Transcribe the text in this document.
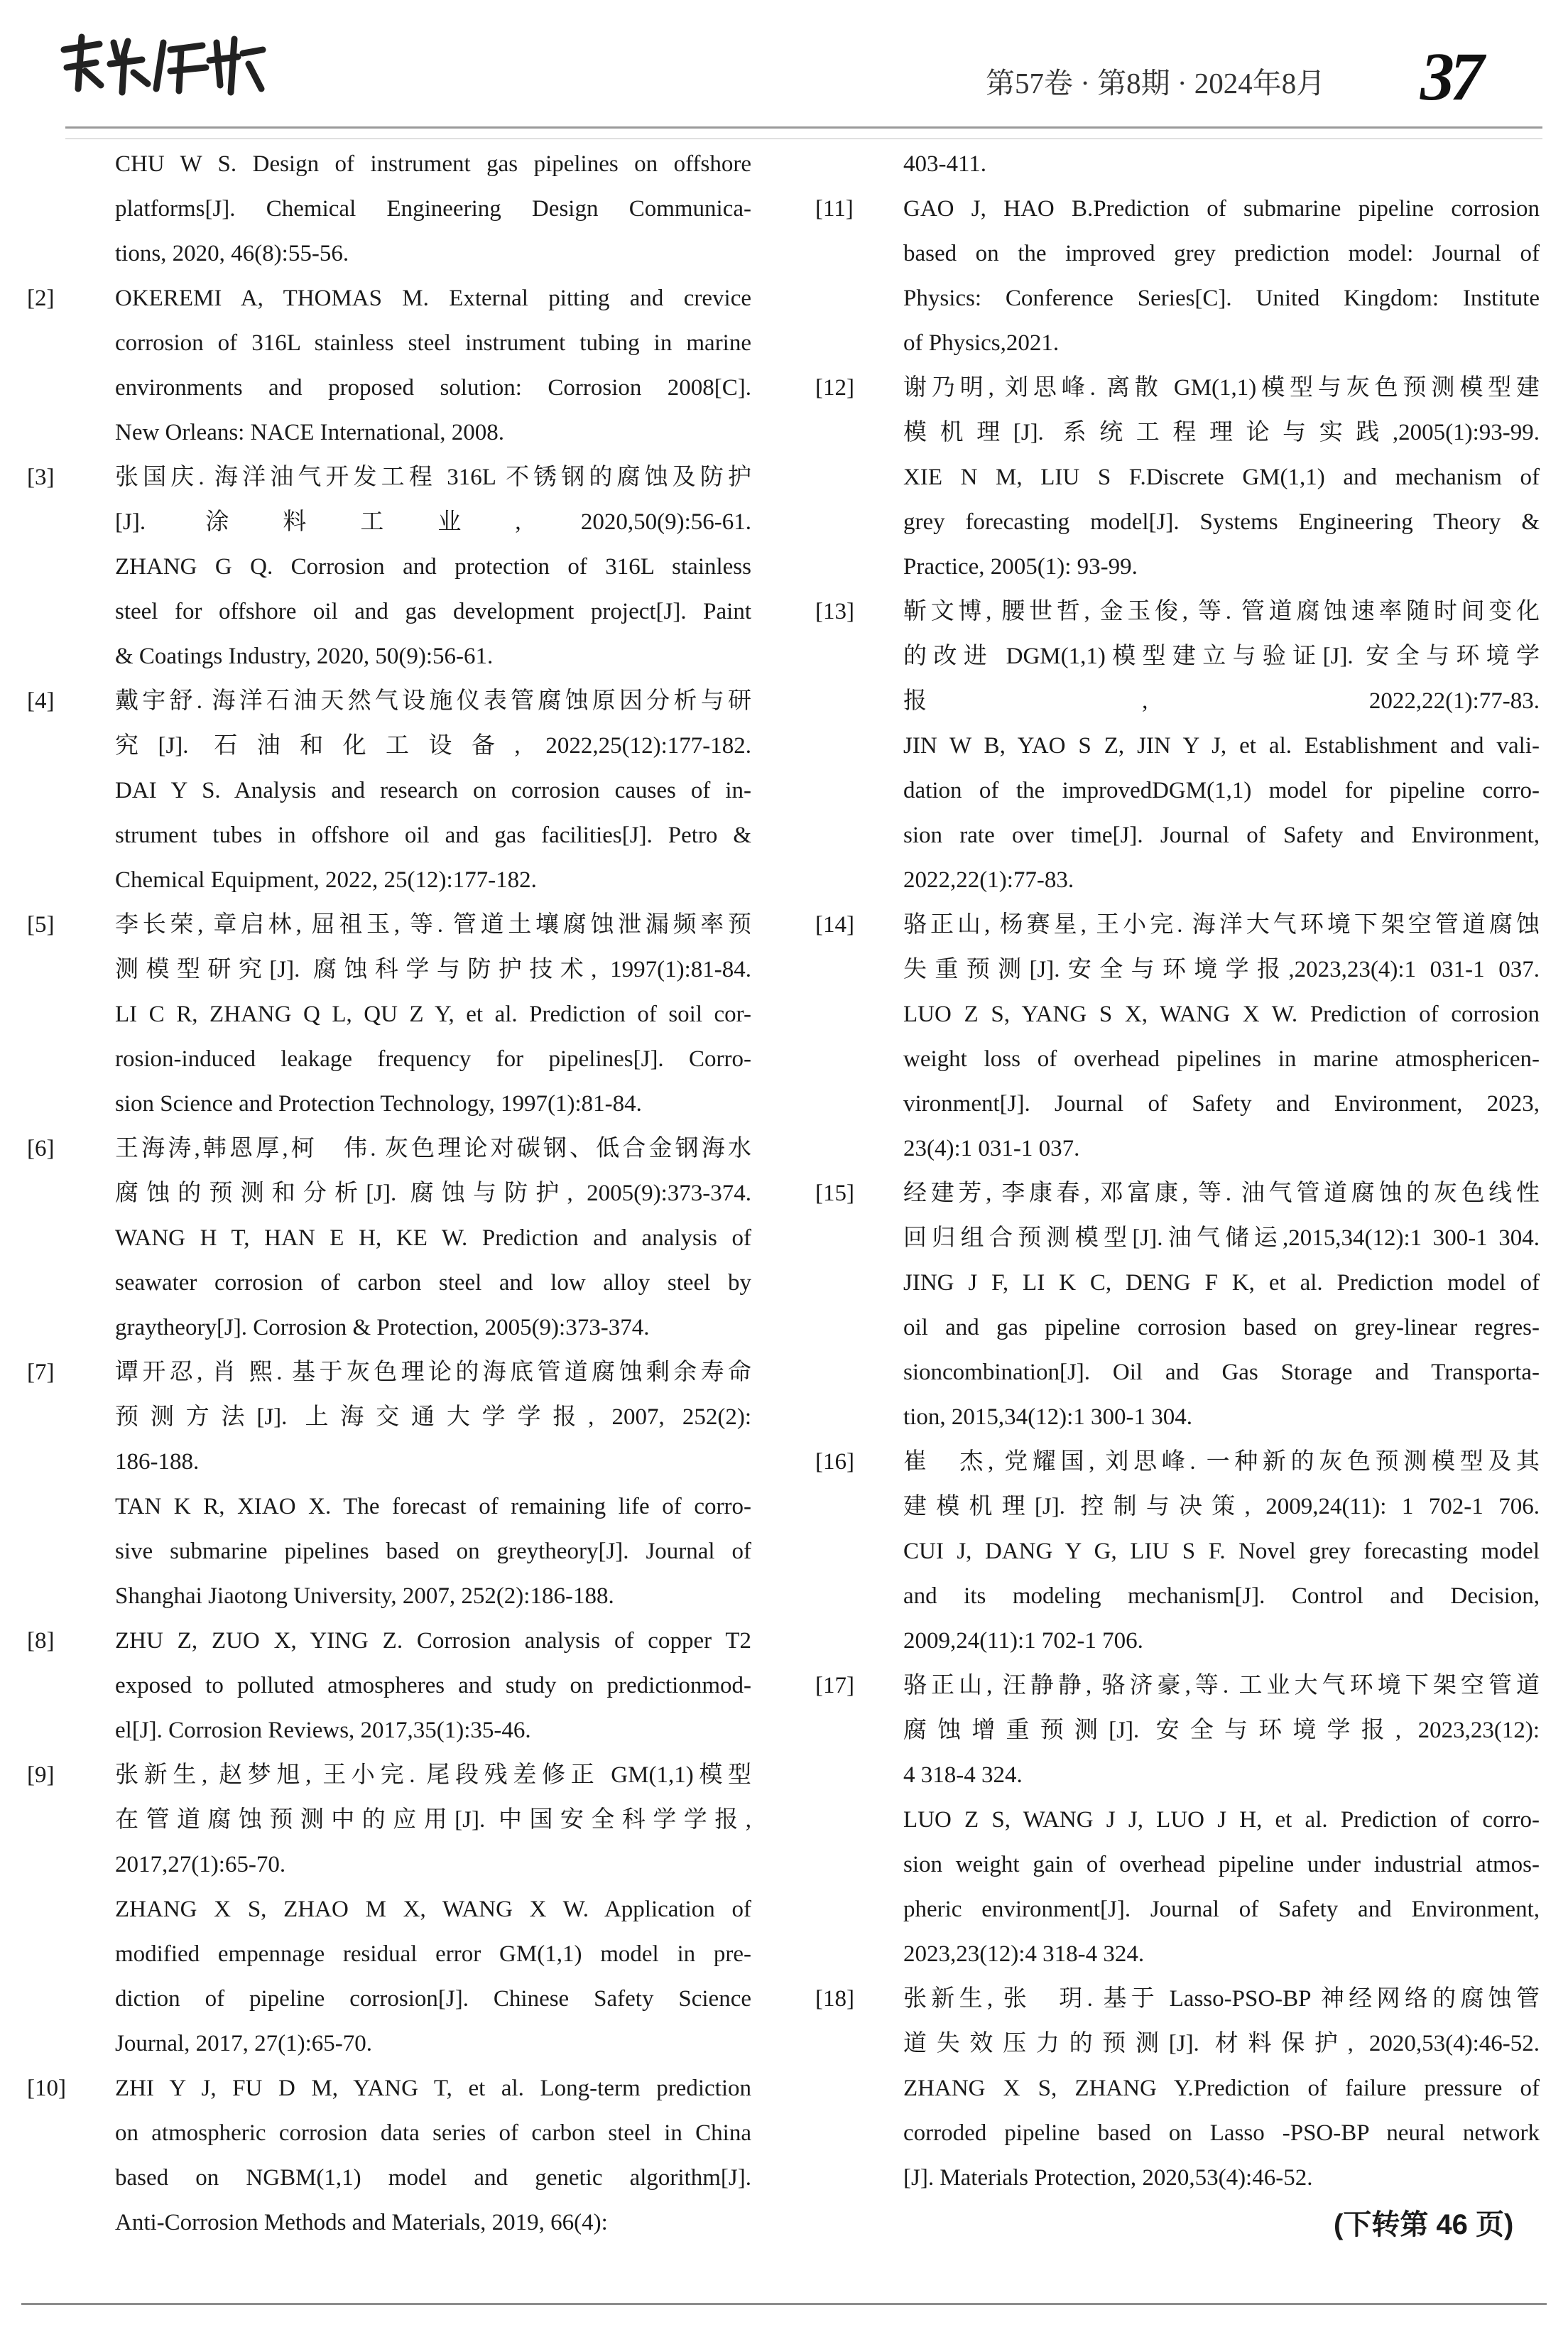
第57卷 · 第8期 · 2024年8月 37
CHU W S. Design of instrument gas pipelines on offshore
platforms[J]. Chemical Engineering Design Communica-
tions, 2020, 46(8):55-56.
[2]	OKEREMI A, THOMAS M. External pitting and crevice
corrosion of 316L stainless steel instrument tubing in marine
environments and proposed solution: Corrosion 2008[C].
New Orleans: NACE International, 2008.
[3]	张国庆. 海洋油气开发工程 316L 不锈钢的腐蚀及防护
[J]. 涂料工业, 2020,50(9):56-61.
ZHANG G Q. Corrosion and protection of 316L stainless
steel for offshore oil and gas development project[J]. Paint
& Coatings Industry, 2020, 50(9):56-61.
[4]	戴宇舒. 海洋石油天然气设施仪表管腐蚀原因分析与研
究[J]. 石油和化工设备, 2022,25(12):177-182.
DAI Y S. Analysis and research on corrosion causes of in-
strument tubes in offshore oil and gas facilities[J]. Petro &
Chemical Equipment, 2022, 25(12):177-182.
[5]	李长荣, 章启林, 屈祖玉, 等. 管道土壤腐蚀泄漏频率预
测模型研究[J]. 腐蚀科学与防护技术, 1997(1):81-84.
LI C R, ZHANG Q L, QU Z Y, et al. Prediction of soil cor-
rosion-induced leakage frequency for pipelines[J]. Corro-
sion Science and Protection Technology, 1997(1):81-84.
[6]	王海涛,韩恩厚,柯　伟. 灰色理论对碳钢、低合金钢海水
腐蚀的预测和分析[J]. 腐蚀与防护, 2005(9):373-374.
WANG H T, HAN E H, KE W. Prediction and analysis of
seawater corrosion of carbon steel and low alloy steel by
graytheory[J]. Corrosion & Protection, 2005(9):373-374.
[7]	谭开忍, 肖 熙. 基于灰色理论的海底管道腐蚀剩余寿命
预测方法[J]. 上海交通大学学报, 2007, 252(2):
186-188.
TAN K R, XIAO X. The forecast of remaining life of corro-
sive submarine pipelines based on greytheory[J]. Journal of
Shanghai Jiaotong University, 2007, 252(2):186-188.
[8]	ZHU Z, ZUO X, YING Z. Corrosion analysis of copper T2
exposed to polluted atmospheres and study on predictionmod-
el[J]. Corrosion Reviews, 2017,35(1):35-46.
[9]	张新生, 赵梦旭, 王小完. 尾段残差修正 GM(1,1)模型
在管道腐蚀预测中的应用[J]. 中国安全科学学报,
2017,27(1):65-70.
ZHANG X S, ZHAO M X, WANG X W. Application of
modified empennage residual error GM(1,1) model in pre-
diction of pipeline corrosion[J]. Chinese Safety Science
Journal, 2017, 27(1):65-70.
[10]	ZHI Y J, FU D M, YANG T, et al. Long-term prediction
on atmospheric corrosion data series of carbon steel in China
based on NGBM(1,1) model and genetic algorithm[J].
Anti-Corrosion Methods and Materials, 2019, 66(4):
403-411.
[11]	GAO J, HAO B.Prediction of submarine pipeline corrosion
based on the improved grey prediction model: Journal of
Physics: Conference Series[C]. United Kingdom: Institute
of Physics,2021.
[12]	谢乃明, 刘思峰. 离散 GM(1,1)模型与灰色预测模型建
模机理[J]. 系统工程理论与实践,2005(1):93-99.
XIE N M, LIU S F.Discrete GM(1,1) and mechanism of
grey forecasting model[J]. Systems Engineering Theory &
Practice, 2005(1): 93-99.
[13]	靳文博, 腰世哲, 金玉俊, 等. 管道腐蚀速率随时间变化
的改进 DGM(1,1)模型建立与验证[J]. 安全与环境学
报, 2022,22(1):77-83.
JIN W B, YAO S Z, JIN Y J, et al. Establishment and vali-
dation of the improvedDGM(1,1) model for pipeline corro-
sion rate over time[J]. Journal of Safety and Environment,
2022,22(1):77-83.
[14]	骆正山, 杨赛星, 王小完. 海洋大气环境下架空管道腐蚀
失重预测[J].安全与环境学报,2023,23(4):1 031-1 037.
LUO Z S, YANG S X, WANG X W. Prediction of corrosion
weight loss of overhead pipelines in marine atmosphericen-
vironment[J]. Journal of Safety and Environment, 2023,
23(4):1 031-1 037.
[15]	经建芳, 李康春, 邓富康, 等. 油气管道腐蚀的灰色线性
回归组合预测模型[J].油气储运,2015,34(12):1 300-1 304.
JING J F, LI K C, DENG F K, et al. Prediction model of
oil and gas pipeline corrosion based on grey-linear regres-
sioncombination[J]. Oil and Gas Storage and Transporta-
tion, 2015,34(12):1 300-1 304.
[16]	崔　杰, 党耀国, 刘思峰. 一种新的灰色预测模型及其
建模机理[J]. 控制与决策, 2009,24(11): 1 702-1 706.
CUI J, DANG Y G, LIU S F. Novel grey forecasting model
and its modeling mechanism[J]. Control and Decision,
2009,24(11):1 702-1 706.
[17]	骆正山, 汪静静, 骆济豪,等. 工业大气环境下架空管道
腐蚀增重预测[J]. 安全与环境学报, 2023,23(12):
4 318-4 324.
LUO Z S, WANG J J, LUO J H, et al. Prediction of corro-
sion weight gain of overhead pipeline under industrial atmos-
pheric environment[J]. Journal of Safety and Environment,
2023,23(12):4 318-4 324.
[18]	张新生, 张　玥. 基于 Lasso-PSO-BP 神经网络的腐蚀管
道失效压力的预测[J]. 材料保护, 2020,53(4):46-52.
ZHANG X S, ZHANG Y.Prediction of failure pressure of
corroded pipeline based on Lasso -PSO-BP neural network
[J]. Materials Protection, 2020,53(4):46-52.
(下转第 46 页)
